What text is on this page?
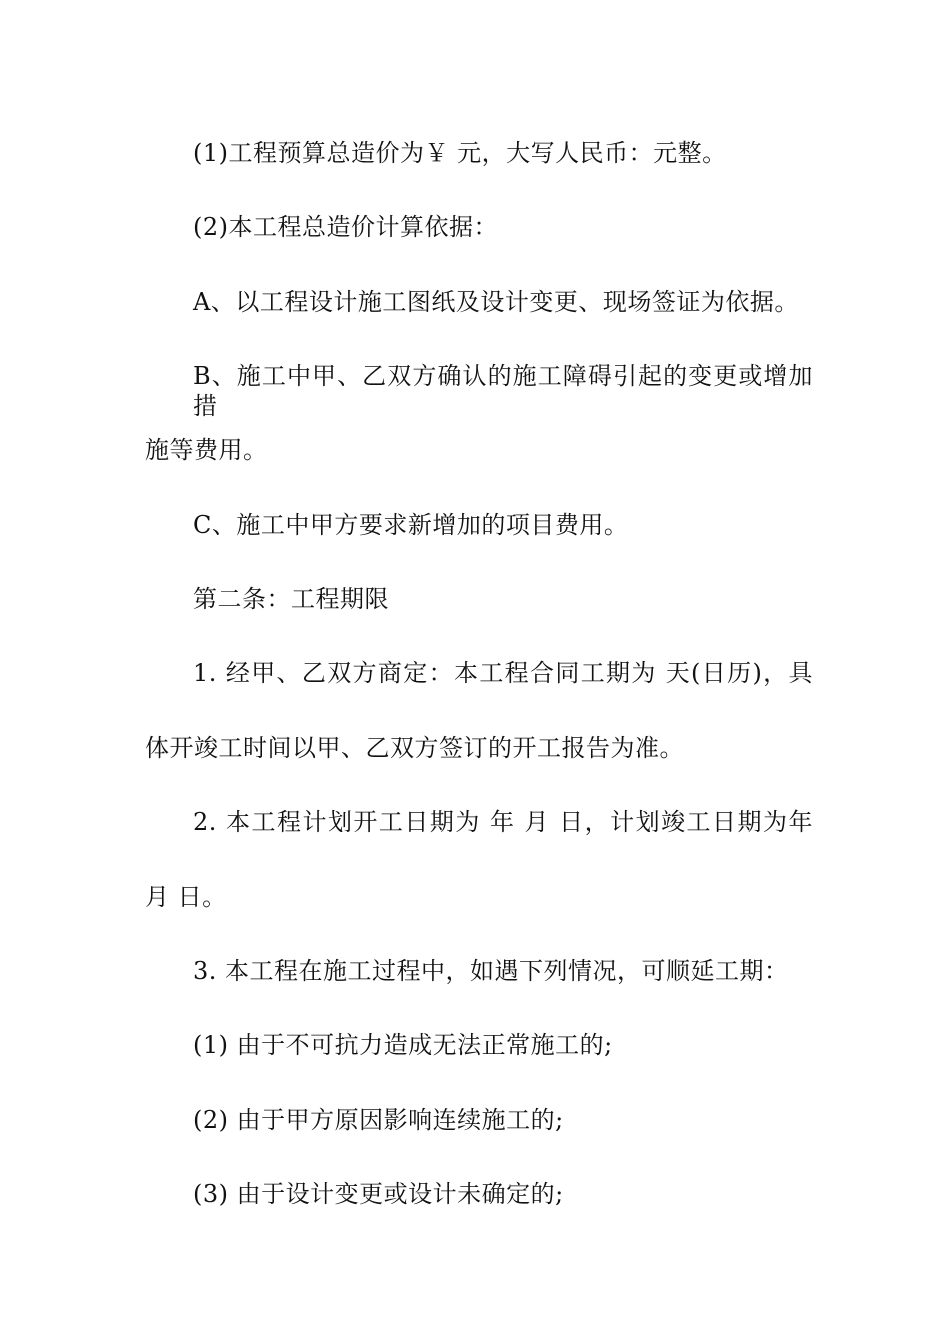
(1)工程预算总造价为￥ 元，大写人民币：元整。
(2)本工程总造价计算依据：
A、以工程设计施工图纸及设计变更、现场签证为依据。
B、施工中甲、乙双方确认的施工障碍引起的变更或增加措
施等费用。
C、施工中甲方要求新增加的项目费用。
第二条：工程期限
1. 经甲、乙双方商定：本工程合同工期为 天(日历)，具
体开竣工时间以甲、乙双方签订的开工报告为准。
2. 本工程计划开工日期为 年 月 日，计划竣工日期为年
月 日。
3. 本工程在施工过程中，如遇下列情况，可顺延工期：
(1) 由于不可抗力造成无法正常施工的;
(2) 由于甲方原因影响连续施工的;
(3) 由于设计变更或设计未确定的;
